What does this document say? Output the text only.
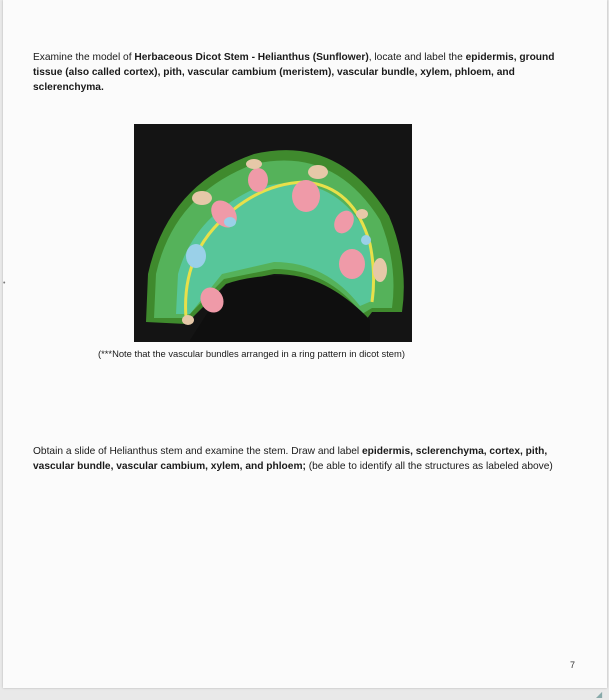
Examine the model of Herbaceous Dicot Stem - Helianthus (Sunflower), locate and label the epidermis, ground tissue (also called cortex), pith, vascular cambium (meristem), vascular bundle, xylem, phloem, and sclerenchyma.

(***Note that the vascular bundles arranged in a ring pattern in dicot stem)

Obtain a slide of Helianthus stem and examine the stem. Draw and label epidermis, sclerenchyma, cortex, pith, vascular bundle, vascular cambium, xylem, and phloem; (be able to identify all the structures as labeled above)

7
•
◢
